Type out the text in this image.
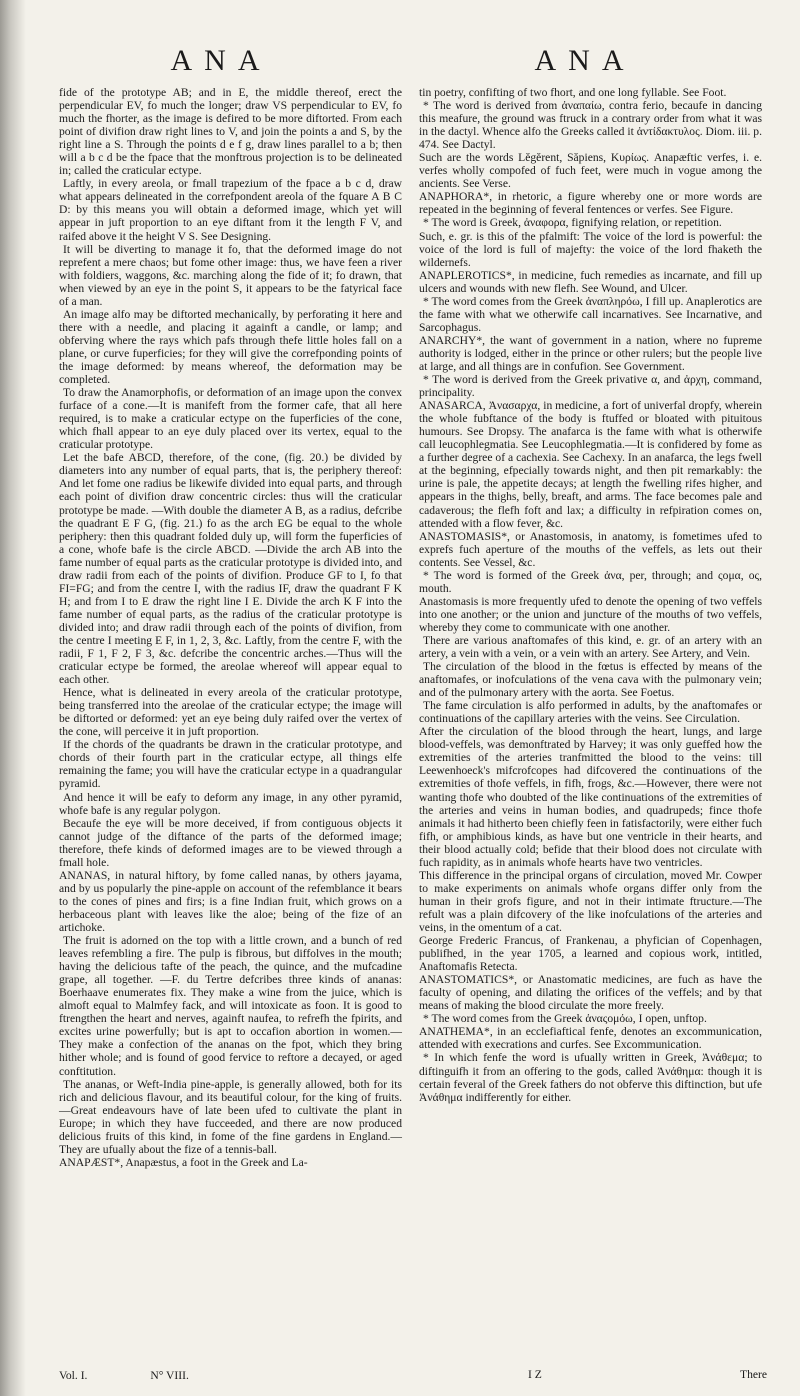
ANA	ANA

fide of the prototype AB; and in E, the middle thereof, erect the perpendicular EV, fo much the longer; draw VS perpendicular to EV, fo much the fhorter, as the image is defired to be more diftorted. From each point of divifion draw right lines to V, and join the points a and S, by the right line a S. Through the points d e f g, draw lines parallel to a b; then will a b c d be the fpace that the monftrous projection is to be delineated in; called the craticular ectype.

Laftly, in every areola, or fmall trapezium of the fpace a b c d, draw what appears delineated in the correfpondent areola of the fquare A B C D: by this means you will obtain a deformed image, which yet will appear in juft proportion to an eye diftant from it the length F V, and raifed above it the height V S. See Designing.

It will be diverting to manage it fo, that the deformed image do not reprefent a mere chaos; but fome other image: thus, we have feen a river with foldiers, waggons, &c. marching along the fide of it; fo drawn, that when viewed by an eye in the point S, it appears to be the fatyrical face of a man.

An image alfo may be diftorted mechanically, by perforating it here and there with a needle, and placing it againft a candle, or lamp; and obferving where the rays which pafs through thefe little holes fall on a plane, or curve fuperficies; for they will give the correfponding points of the image deformed: by means whereof, the deformation may be completed.

To draw the Anamorphofis, or deformation of an image upon the convex furface of a cone.—It is manifeft from the former cafe, that all here required, is to make a craticular ectype on the fuperficies of the cone, which fhall appear to an eye duly placed over its vertex, equal to the craticular prototype.

Let the bafe ABCD, therefore, of the cone, (fig. 20.) be divided by diameters into any number of equal parts, that is, the periphery thereof: And let fome one radius be likewife divided into equal parts, and through each point of divifion draw concentric circles: thus will the craticular prototype be made. —With double the diameter A B, as a radius, defcribe the quadrant E F G, (fig. 21.) fo as the arch EG be equal to the whole periphery: then this quadrant folded duly up, will form the fuperficies of a cone, whofe bafe is the circle ABCD. —Divide the arch AB into the fame number of equal parts as the craticular prototype is divided into, and draw radii from each of the points of divifion. Produce GF to I, fo that FI=FG; and from the centre I, with the radius IF, draw the quadrant F K H; and from I to E draw the right line I E. Divide the arch K F into the fame number of equal parts, as the radius of the craticular prototype is divided into; and draw radii through each of the points of divifion, from the centre I meeting E F, in 1, 2, 3, &c. Laftly, from the centre F, with the radii, F 1, F 2, F 3, &c. defcribe the concentric arches.—Thus will the craticular ectype be formed, the areolae whereof will appear equal to each other.

Hence, what is delineated in every areola of the craticular prototype, being transferred into the areolae of the craticular ectype; the image will be diftorted or deformed: yet an eye being duly raifed over the vertex of the cone, will perceive it in juft proportion.

If the chords of the quadrants be drawn in the craticular prototype, and chords of their fourth part in the craticular ectype, all things elfe remaining the fame; you will have the craticular ectype in a quadrangular pyramid.

And hence it will be eafy to deform any image, in any other pyramid, whofe bafe is any regular polygon.

Becaufe the eye will be more deceived, if from contiguous objects it cannot judge of the diftance of the parts of the deformed image; therefore, thefe kinds of deformed images are to be viewed through a fmall hole.

ANANAS, in natural hiftory, by fome called nanas, by others jayama, and by us popularly the pine-apple on account of the refemblance it bears to the cones of pines and firs; is a fine Indian fruit, which grows on a herbaceous plant with leaves like the aloe; being of the fize of an artichoke.

The fruit is adorned on the top with a little crown, and a bunch of red leaves refembling a fire. The pulp is fibrous, but diffolves in the mouth; having the delicious tafte of the peach, the quince, and the mufcadine grape, all together. —F. du Tertre defcribes three kinds of ananas: Boerhaave enumerates fix. They make a wine from the juice, which is almoft equal to Malmfey fack, and will intoxicate as foon. It is good to ftrengthen the heart and nerves, againft naufea, to refrefh the fpirits, and excites urine powerfully; but is apt to occafion abortion in women.—They make a confection of the ananas on the fpot, which they bring hither whole; and is found of good fervice to reftore a decayed, or aged conftitution.

The ananas, or Weft-India pine-apple, is generally allowed, both for its rich and delicious flavour, and its beautiful colour, for the king of fruits.—Great endeavours have of late been ufed to cultivate the plant in Europe; in which they have fucceeded, and there are now produced delicious fruits of this kind, in fome of the fine gardens in England.—They are ufually about the fize of a tennis-ball.

ANAPÆST*, Anapæstus, a foot in the Greek and La-

tin poetry, confifting of two fhort, and one long fyllable. See Foot.

* The word is derived from ἀναπαίω, contra ferio, becaufe in dancing this meafure, the ground was ftruck in a contrary order from what it was in the dactyl. Whence alfo the Greeks called it ἀντίδακτυλος. Diom. iii. p. 474. See Dactyl.

Such are the words Lĕgĕrent, Săpiens, Κυρίως. Anapæftic verfes, i. e. verfes wholly compofed of fuch feet, were much in vogue among the ancients. See Verse.

ANAPHORA*, in rhetoric, a figure whereby one or more words are repeated in the beginning of feveral fentences or verfes. See Figure.

* The word is Greek, ἀναφορα, fignifying relation, or repetition.

Such, e. gr. is this of the pfalmift: The voice of the lord is powerful: the voice of the lord is full of majefty: the voice of the lord fhaketh the wildernefs.

ANAPLEROTICS*, in medicine, fuch remedies as incarnate, and fill up ulcers and wounds with new flefh. See Wound, and Ulcer.

* The word comes from the Greek ἀναπληρόω, I fill up. Anaplerotics are the fame with what we otherwife call incarnatives. See Incarnative, and Sarcophagus.

ANARCHY*, the want of government in a nation, where no fupreme authority is lodged, either in the prince or other rulers; but the people live at large, and all things are in confufion. See Government.

* The word is derived from the Greek privative α, and ἀρχη, command, principality.

ANASARCA, Ἀνασαρχα, in medicine, a fort of univerfal dropfy, wherein the whole fubftance of the body is ftuffed or bloated with pituitous humours. See Dropsy. The anafarca is the fame with what is otherwife call leucophlegmatia. See Leucophlegmatia.—It is confidered by fome as a further degree of a cachexia. See Cachexy. In an anafarca, the legs fwell at the beginning, efpecially towards night, and then pit remarkably: the urine is pale, the appetite decays; at length the fwelling rifes higher, and appears in the thighs, belly, breaft, and arms. The face becomes pale and cadaverous; the flefh foft and lax; a difficulty in refpiration comes on, attended with a flow fever, &c.

ANASTOMASIS*, or Anastomosis, in anatomy, is fometimes ufed to exprefs fuch aperture of the mouths of the veffels, as lets out their contents. See Vessel, &c.

* The word is formed of the Greek ἀνα, per, through; and ςομα, ος, mouth.

Anastomasis is more frequently ufed to denote the opening of two veffels into one another; or the union and juncture of the mouths of two veffels, whereby they come to communicate with one another.

There are various anaftomafes of this kind, e. gr. of an artery with an artery, a vein with a vein, or a vein with an artery. See Artery, and Vein.

The circulation of the blood in the fœtus is effected by means of the anaftomafes, or inofculations of the vena cava with the pulmonary vein; and of the pulmonary artery with the aorta. See Foetus.

The fame circulation is alfo performed in adults, by the anaftomafes or continuations of the capillary arteries with the veins. See Circulation.

After the circulation of the blood through the heart, lungs, and large blood-veffels, was demonftrated by Harvey; it was only gueffed how the extremities of the arteries tranfmitted the blood to the veins: till Leewenhoeck's mifcrofcopes had difcovered the continuations of the extremities of thofe veffels, in fifh, frogs, &c.—However, there were not wanting thofe who doubted of the like continuations of the extremities of the arteries and veins in human bodies, and quadrupeds; fince thofe animals it had hitherto been chiefly feen in fatisfactorily, were either fuch fifh, or amphibious kinds, as have but one ventricle in their hearts, and their blood actually cold; befide that their blood does not circulate with fuch rapidity, as in animals whofe hearts have two ventricles.

This difference in the principal organs of circulation, moved Mr. Cowper to make experiments on animals whofe organs differ only from the human in their grofs figure, and not in their intimate ftructure.—The refult was a plain difcovery of the like inofculations of the arteries and veins, in the omentum of a cat.

George Frederic Francus, of Frankenau, a phyfician of Copenhagen, publifhed, in the year 1705, a learned and copious work, intitled, Anaftomafis Retecta.

ANASTOMATICS*, or Anastomatic medicines, are fuch as have the faculty of opening, and dilating the orifices of the veffels; and by that means of making the blood circulate the more freely.

* The word comes from the Greek ἀναςομόω, I open, unftop.

ANATHEMA*, in an ecclefiaftical fenfe, denotes an excommunication, attended with execrations and curfes. See Excommunication.

* In which fenfe the word is ufually written in Greek, Ἀνάθεμα; to diftinguifh it from an offering to the gods, called Ἀνάθημα: though it is certain feveral of the Greek fathers do not obferve this diftinction, but ufe Ἀνάθημα indifferently for either.

Vol. I.	N° VIII.	I Z	There
